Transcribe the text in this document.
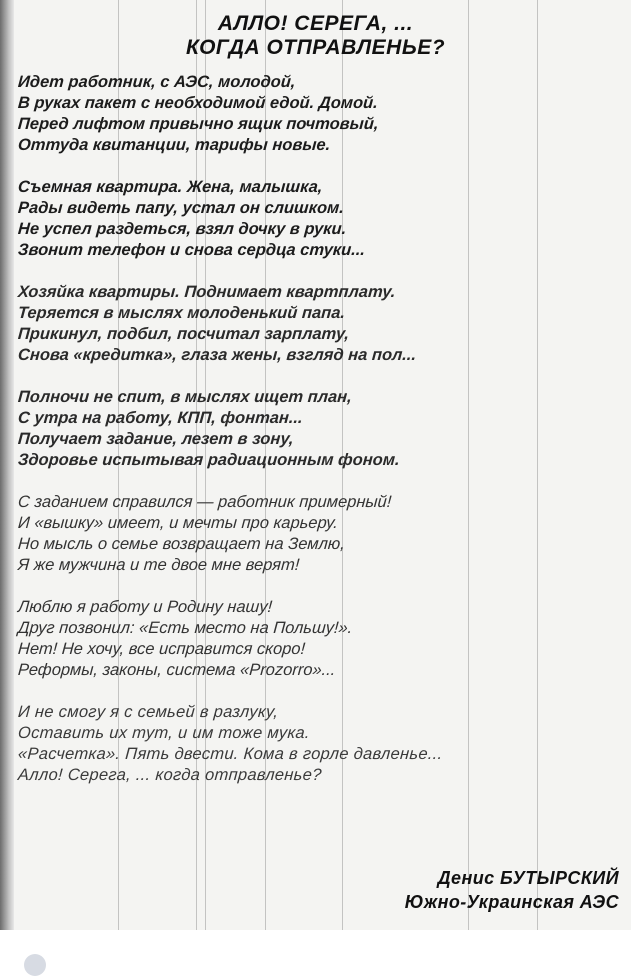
АЛЛО! СЕРЕГА, ...
КОГДА ОТПРАВЛЕНЬЕ?
Идет работник, с АЭС, молодой,
В руках пакет с необходимой едой. Домой.
Перед лифтом привычно ящик почтовый,
Оттуда квитанции, тарифы новые.
Съемная квартира. Жена, малышка,
Рады видеть папу, устал он слишком.
Не успел раздеться, взял дочку в руки.
Звонит телефон и снова сердца стуки...
Хозяйка квартиры. Поднимает квартплату.
Теряется в мыслях молоденький папа.
Прикинул, подбил, посчитал зарплату,
Снова «кредитка», глаза жены, взгляд на пол...
Полночи не спит, в мыслях ищет план,
С утра на работу, КПП, фонтан...
Получает задание, лезет в зону,
Здоровье испытывая радиационным фоном.
С заданием справился — работник примерный!
И «вышку» имеет, и мечты про карьеру.
Но мысль о семье возвращает на Землю,
Я же мужчина и те двое мне верят!
Люблю я работу и Родину нашу!
Друг позвонил: «Есть место на Польшу!».
Нет! Не хочу, все исправится скоро!
Реформы, законы, система «Prozorro»...
И не смогу я с семьей в разлуку,
Оставить их тут, и им тоже мука.
«Расчетка». Пять двести. Кома в горле давленье...
Алло! Серега, ... когда отправленье?
Денис БУТЫРСКИЙ
Южно-Украинская АЭС
